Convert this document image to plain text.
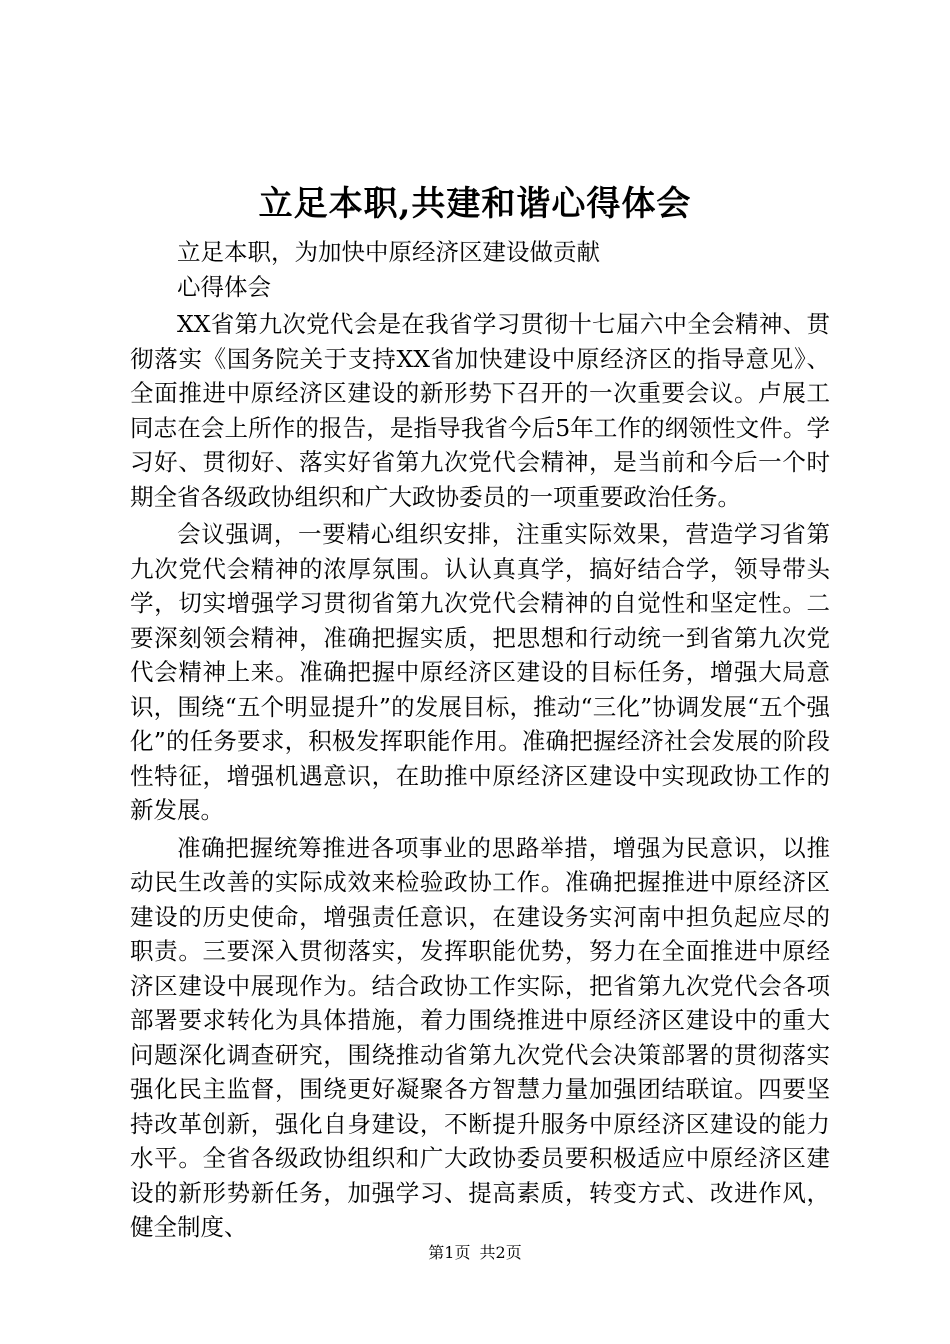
立足本职,共建和谐心得体会

立足本职，为加快中原经济区建设做贡献

心得体会

XX省第九次党代会是在我省学习贯彻十七届六中全会精神、贯彻落实《国务院关于支持XX省加快建设中原经济区的指导意见》、全面推进中原经济区建设的新形势下召开的一次重要会议。卢展工同志在会上所作的报告，是指导我省今后5年工作的纲领性文件。学习好、贯彻好、落实好省第九次党代会精神，是当前和今后一个时期全省各级政协组织和广大政协委员的一项重要政治任务。

会议强调，一要精心组织安排，注重实际效果，营造学习省第九次党代会精神的浓厚氛围。认认真真学，搞好结合学，领导带头学，切实增强学习贯彻省第九次党代会精神的自觉性和坚定性。二要深刻领会精神，准确把握实质，把思想和行动统一到省第九次党代会精神上来。准确把握中原经济区建设的目标任务，增强大局意识，围绕“五个明显提升”的发展目标，推动“三化”协调发展“五个强化”的任务要求，积极发挥职能作用。准确把握经济社会发展的阶段性特征，增强机遇意识，在助推中原经济区建设中实现政协工作的新发展。

准确把握统筹推进各项事业的思路举措，增强为民意识，以推动民生改善的实际成效来检验政协工作。准确把握推进中原经济区建设的历史使命，增强责任意识，在建设务实河南中担负起应尽的职责。三要深入贯彻落实，发挥职能优势，努力在全面推进中原经济区建设中展现作为。结合政协工作实际，把省第九次党代会各项部署要求转化为具体措施，着力围绕推进中原经济区建设中的重大问题深化调查研究，围绕推动省第九次党代会决策部署的贯彻落实强化民主监督，围绕更好凝聚各方智慧力量加强团结联谊。四要坚持改革创新，强化自身建设，不断提升服务中原经济区建设的能力水平。全省各级政协组织和广大政协委员要积极适应中原经济区建设的新形势新任务，加强学习、提高素质，转变方式、改进作风，健全制度、

第1页 共2页
